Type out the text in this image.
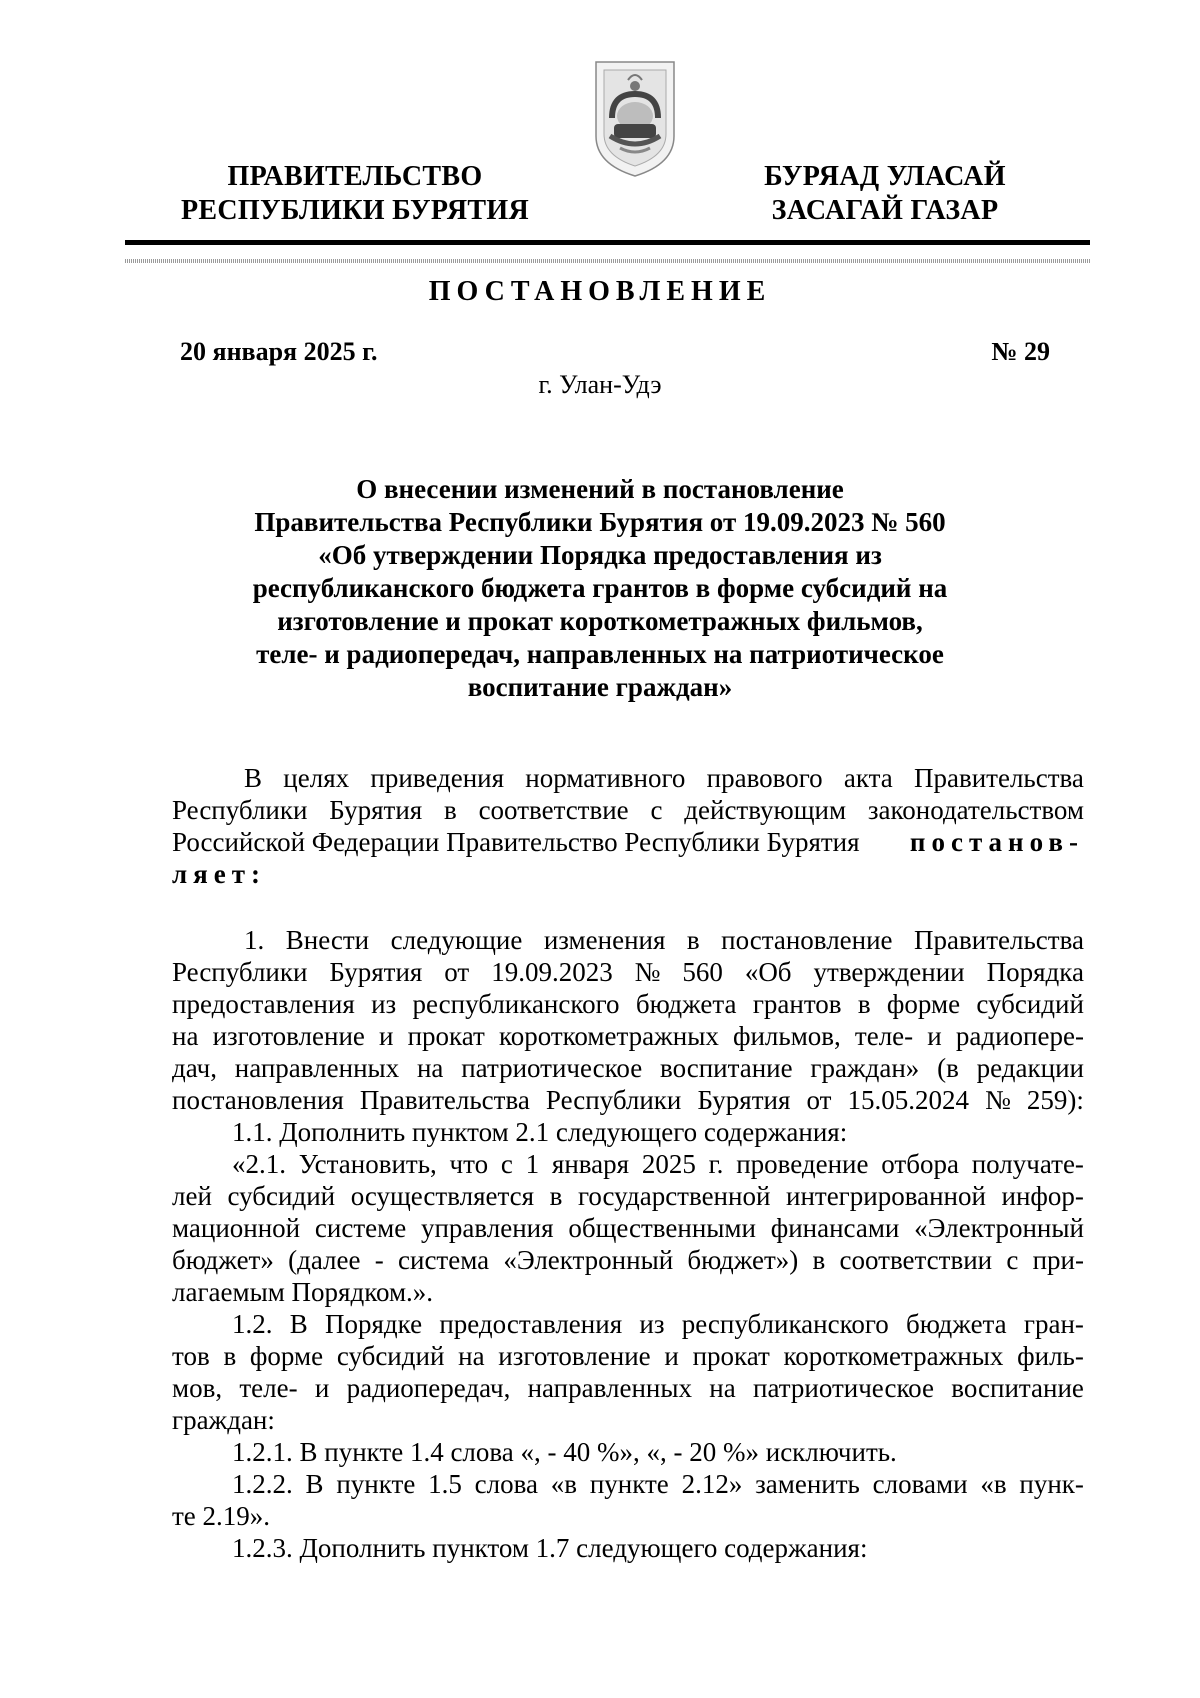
ПРАВИТЕЛЬСТВО
РЕСПУБЛИКИ БУРЯТИЯ
БУРЯАД УЛАСАЙ
ЗАСАГАЙ ГАЗАР
ПОСТАНОВЛЕНИЕ
20 января 2025 г.	№ 29
г. Улан-Удэ
О внесении изменений в постановление
Правительства Республики Бурятия от 19.09.2023 № 560
«Об утверждении Порядка предоставления из
республиканского бюджета грантов в форме субсидий на
изготовление и прокат короткометражных фильмов,
теле- и радиопередач, направленных на патриотическое
воспитание граждан»
В целях приведения нормативного правового акта Правительства
Республики Бурятия в соответствие с действующим законодательством
Российской Федерации Правительство Республики Бурятия постанов-
ляет:
1. Внести следующие изменения в постановление Правительства
Республики Бурятия от 19.09.2023 № 560 «Об утверждении Порядка
предоставления из республиканского бюджета грантов в форме субсидий
на изготовление и прокат короткометражных фильмов, теле- и радиопере-
дач, направленных на патриотическое воспитание граждан» (в редакции
постановления Правительства Республики Бурятия от 15.05.2024 № 259):
1.1. Дополнить пунктом 2.1 следующего содержания:
«2.1. Установить, что с 1 января 2025 г. проведение отбора получате-
лей субсидий осуществляется в государственной интегрированной инфор-
мационной системе управления общественными финансами «Электронный
бюджет» (далее - система «Электронный бюджет») в соответствии с при-
лагаемым Порядком.».
1.2. В Порядке предоставления из республиканского бюджета гран-
тов в форме субсидий на изготовление и прокат короткометражных филь-
мов, теле- и радиопередач, направленных на патриотическое воспитание
граждан:
1.2.1. В пункте 1.4 слова «, - 40 %», «, - 20 %» исключить.
1.2.2. В пункте 1.5 слова «в пункте 2.12» заменить словами «в пунк-
те 2.19».
1.2.3. Дополнить пунктом 1.7 следующего содержания:
